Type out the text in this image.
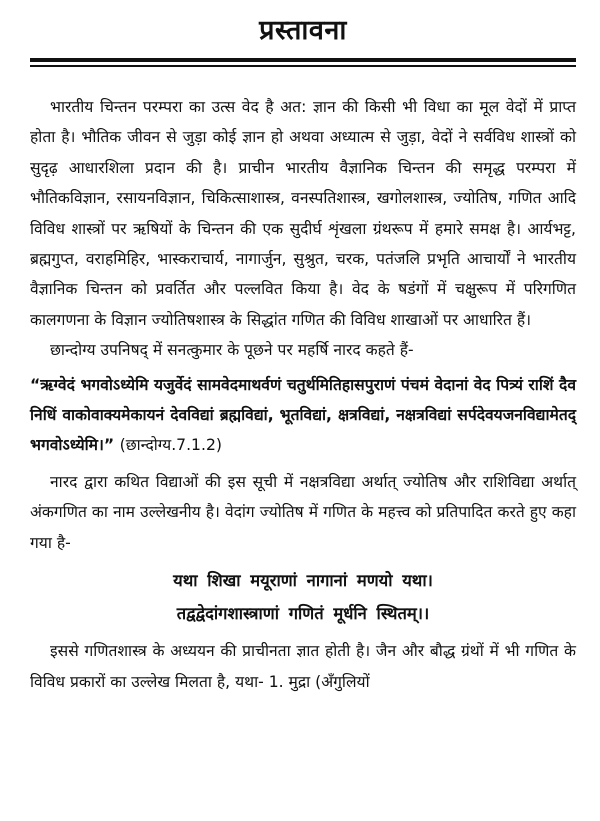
प्रस्तावना

भारतीय चिन्तन परम्परा का उत्स वेद है अत: ज्ञान की किसी भी विधा का मूल वेदों में प्राप्त होता है। भौतिक जीवन से जुड़ा कोई ज्ञान हो अथवा अध्यात्म से जुड़ा, वेदों ने सर्वविध शास्त्रों को सुदृढ़ आधारशिला प्रदान की है। प्राचीन भारतीय वैज्ञानिक चिन्तन की समृद्ध परम्परा में भौतिकविज्ञान, रसायनविज्ञान, चिकित्साशास्त्र, वनस्पतिशास्त्र, खगोलशास्त्र, ज्योतिष, गणित आदि विविध शास्त्रों पर ऋषियों के चिन्तन की एक सुदीर्घ शृंखला ग्रंथरूप में हमारे समक्ष है। आर्यभट्ट, ब्रह्मगुप्त, वराहमिहिर, भास्कराचार्य, नागार्जुन, सुश्रुत, चरक, पतंजलि प्रभृति आचार्यों ने भारतीय वैज्ञानिक चिन्तन को प्रवर्तित और पल्लवित किया है। वेद के षडंगों में चक्षुरूप में परिगणित कालगणना के विज्ञान ज्योतिषशास्त्र के सिद्धांत गणित की विविध शाखाओं पर आधारित हैं।

छान्दोग्य उपनिषद् में सनत्कुमार के पूछने पर महर्षि नारद कहते हैं-

“ऋग्वेदं भगवोऽध्येमि यजुर्वेदं सामवेदमाथर्वणं चतुर्थमितिहासपुराणं पंचमं वेदानां वेद पित्र्यं राशिं दैव निधिं वाकोवाक्यमेकायनं देवविद्यां ब्रह्मविद्यां, भूतविद्यां, क्षत्रविद्यां, नक्षत्रविद्यां सर्पदेवयजनविद्यामेतद् भगवोऽध्येमि।” (छान्दोग्य.7.1.2)

नारद द्वारा कथित विद्याओं की इस सूची में नक्षत्रविद्या अर्थात् ज्योतिष और राशिविद्या अर्थात् अंकगणित का नाम उल्लेखनीय है। वेदांग ज्योतिष में गणित के महत्त्व को प्रतिपादित करते हुए कहा गया है-

यथा शिखा मयूराणां नागानां मणयो यथा।
तद्वद्वेदांगशास्त्राणां गणितं मूर्धनि स्थितम्।।

इससे गणितशास्त्र के अध्ययन की प्राचीनता ज्ञात होती है। जैन और बौद्ध ग्रंथों में भी गणित के विविध प्रकारों का उल्लेख मिलता है, यथा- 1. मुद्रा (अँगुलियों
